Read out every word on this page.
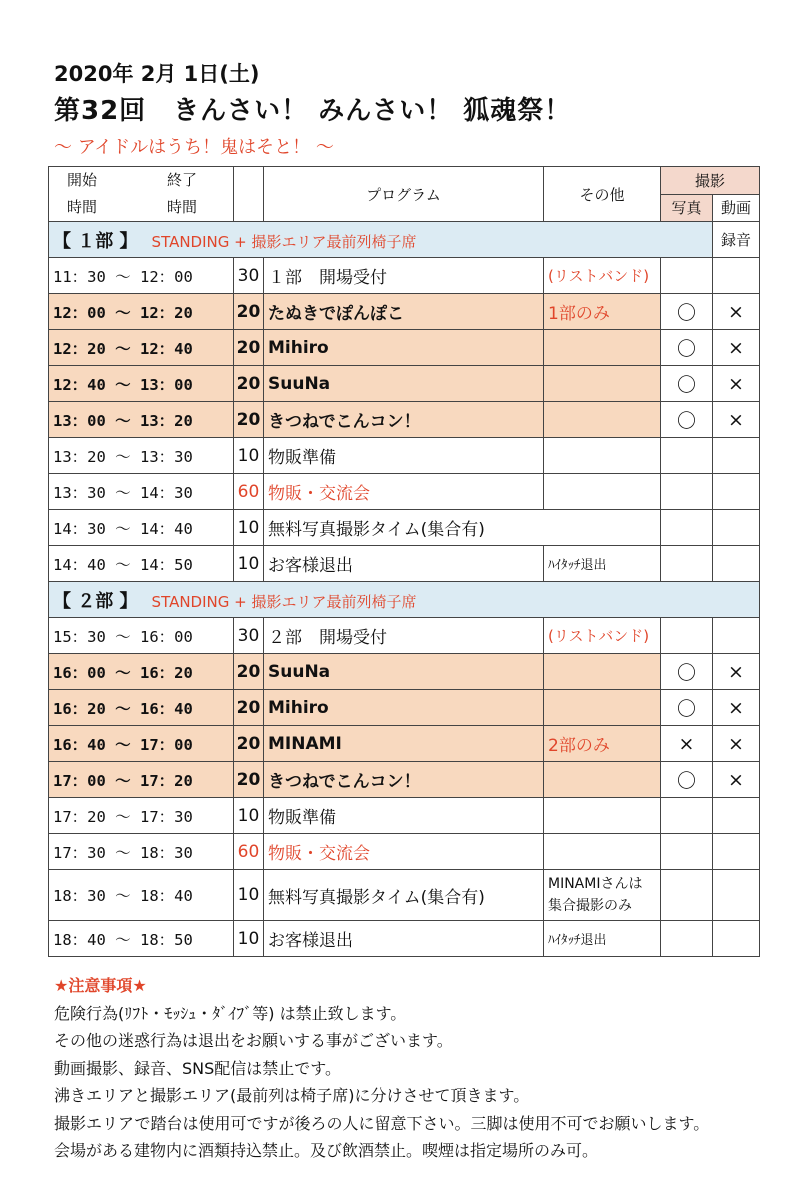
2020年 2月 1日(土)
第32回　きんさい！ みんさい！ 狐魂祭！
～ アイドルはうち！鬼はそと！ ～
開始 終了
時間 時間		プログラム	その他	撮影	
				写真	動画
【 １部 】 STANDING + 撮影エリア最前列椅子席					録音
11：30 ～ 12：00	30	１部　開場受付	(リストバンド)		
12：00 ～ 12：20	20	たぬきでぽんぽこ	1部のみ	〇	×
12：20 ～ 12：40	20	Mihiro		〇	×
12：40 ～ 13：00	20	SuuNa		〇	×
13：00 ～ 13：20	20	きつねでこんコン！		〇	×
13：20 ～ 13：30	10	物販準備			
13：30 ～ 14：30	60	物販・交流会			
14：30 ～ 14：40	10	無料写真撮影タイム(集合有)			
14：40 ～ 14：50	10	お客様退出	ﾊｲﾀｯﾁ退出		
【 ２部 】 STANDING + 撮影エリア最前列椅子席					
15：30 ～ 16：00	30	２部　開場受付	(リストバンド)		
16：00 ～ 16：20	20	SuuNa		〇	×
16：20 ～ 16：40	20	Mihiro		〇	×
16：40 ～ 17：00	20	MINAMI	2部のみ	×	×
17：00 ～ 17：20	20	きつねでこんコン！		〇	×
17：20 ～ 17：30	10	物販準備			
17：30 ～ 18：30	60	物販・交流会			
18：30 ～ 18：40	10	無料写真撮影タイム(集合有)	MINAMIさんは
集合撮影のみ		
18：40 ～ 18：50	10	お客様退出	ﾊｲﾀｯﾁ退出		
★注意事項★
危険行為(ﾘﾌﾄ・ﾓｯｼｭ・ﾀﾞｲﾌﾞ等) は禁止致します。
その他の迷惑行為は退出をお願いする事がございます。
動画撮影、録音、SNS配信は禁止です。
沸きエリアと撮影エリア(最前列は椅子席)に分けさせて頂きます。
撮影エリアで踏台は使用可ですが後ろの人に留意下さい。三脚は使用不可でお願いします。
会場がある建物内に酒類持込禁止。及び飲酒禁止。喫煙は指定場所のみ可。
